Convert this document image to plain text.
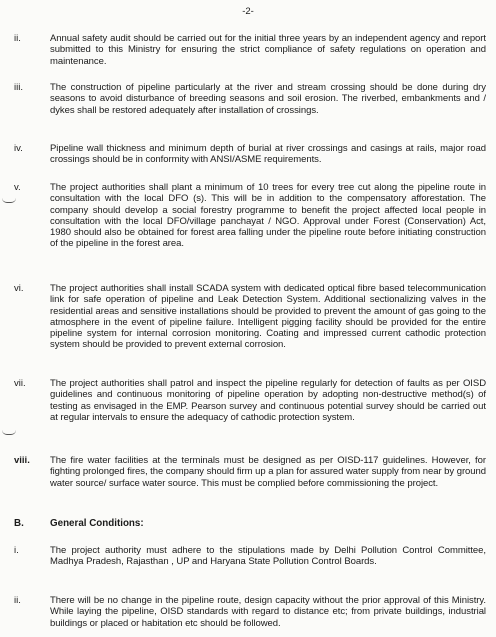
-2-
ii.	Annual safety audit should be carried out for the initial three years by an independent agency and report submitted to this Ministry for ensuring the strict compliance of safety regulations on operation and maintenance.
iii.	The construction of pipeline particularly at the river and stream crossing should be done during dry seasons to avoid disturbance of breeding seasons and soil erosion. The riverbed, embankments and / dykes shall be restored adequately after installation of crossings.
iv.	Pipeline wall thickness and minimum depth of burial at river crossings and casings at rails, major road crossings should be in conformity with ANSI/ASME requirements.
v.	The project authorities shall plant a minimum of 10 trees for every tree cut along the pipeline route in consultation with the local DFO (s). This will be in addition to the compensatory afforestation. The company should develop a social forestry programme to benefit the project affected local people in consultation with the local DFO/village panchayat / NGO. Approval under Forest (Conservation) Act, 1980 should also be obtained for forest area falling under the pipeline route before initiating construction of the pipeline in the forest area.
vi.	The project authorities shall install SCADA system with dedicated optical fibre based telecommunication link for safe operation of pipeline and Leak Detection System. Additional sectionalizing valves in the residential areas and sensitive installations should be provided to prevent the amount of gas going to the atmosphere in the event of pipeline failure. Intelligent pigging facility should be provided for the entire pipeline system for internal corrosion monitoring. Coating and impressed current cathodic protection system should be provided to prevent external corrosion.
vii.	The project authorities shall patrol and inspect the pipeline regularly for detection of faults as per OISD guidelines and continuous monitoring of pipeline operation by adopting non-destructive method(s) of testing as envisaged in the EMP. Pearson survey and continuous potential survey should be carried out at regular intervals to ensure the adequacy of cathodic protection system.
viii. The fire water facilities at the terminals must be designed as per OISD-117 guidelines. However, for fighting prolonged fires, the company should firm up a plan for assured water supply from near by ground water source/ surface water source. This must be complied before commissioning the project.
B.	General Conditions:
i.	The project authority must adhere to the stipulations made by Delhi Pollution Control Committee, Madhya Pradesh, Rajasthan , UP and Haryana State Pollution Control Boards.
ii.	There will be no change in the pipeline route, design capacity without the prior approval of this Ministry. While laying the pipeline, OISD standards with regard to distance etc; from private buildings, industrial buildings or placed or habitation etc should be followed.
